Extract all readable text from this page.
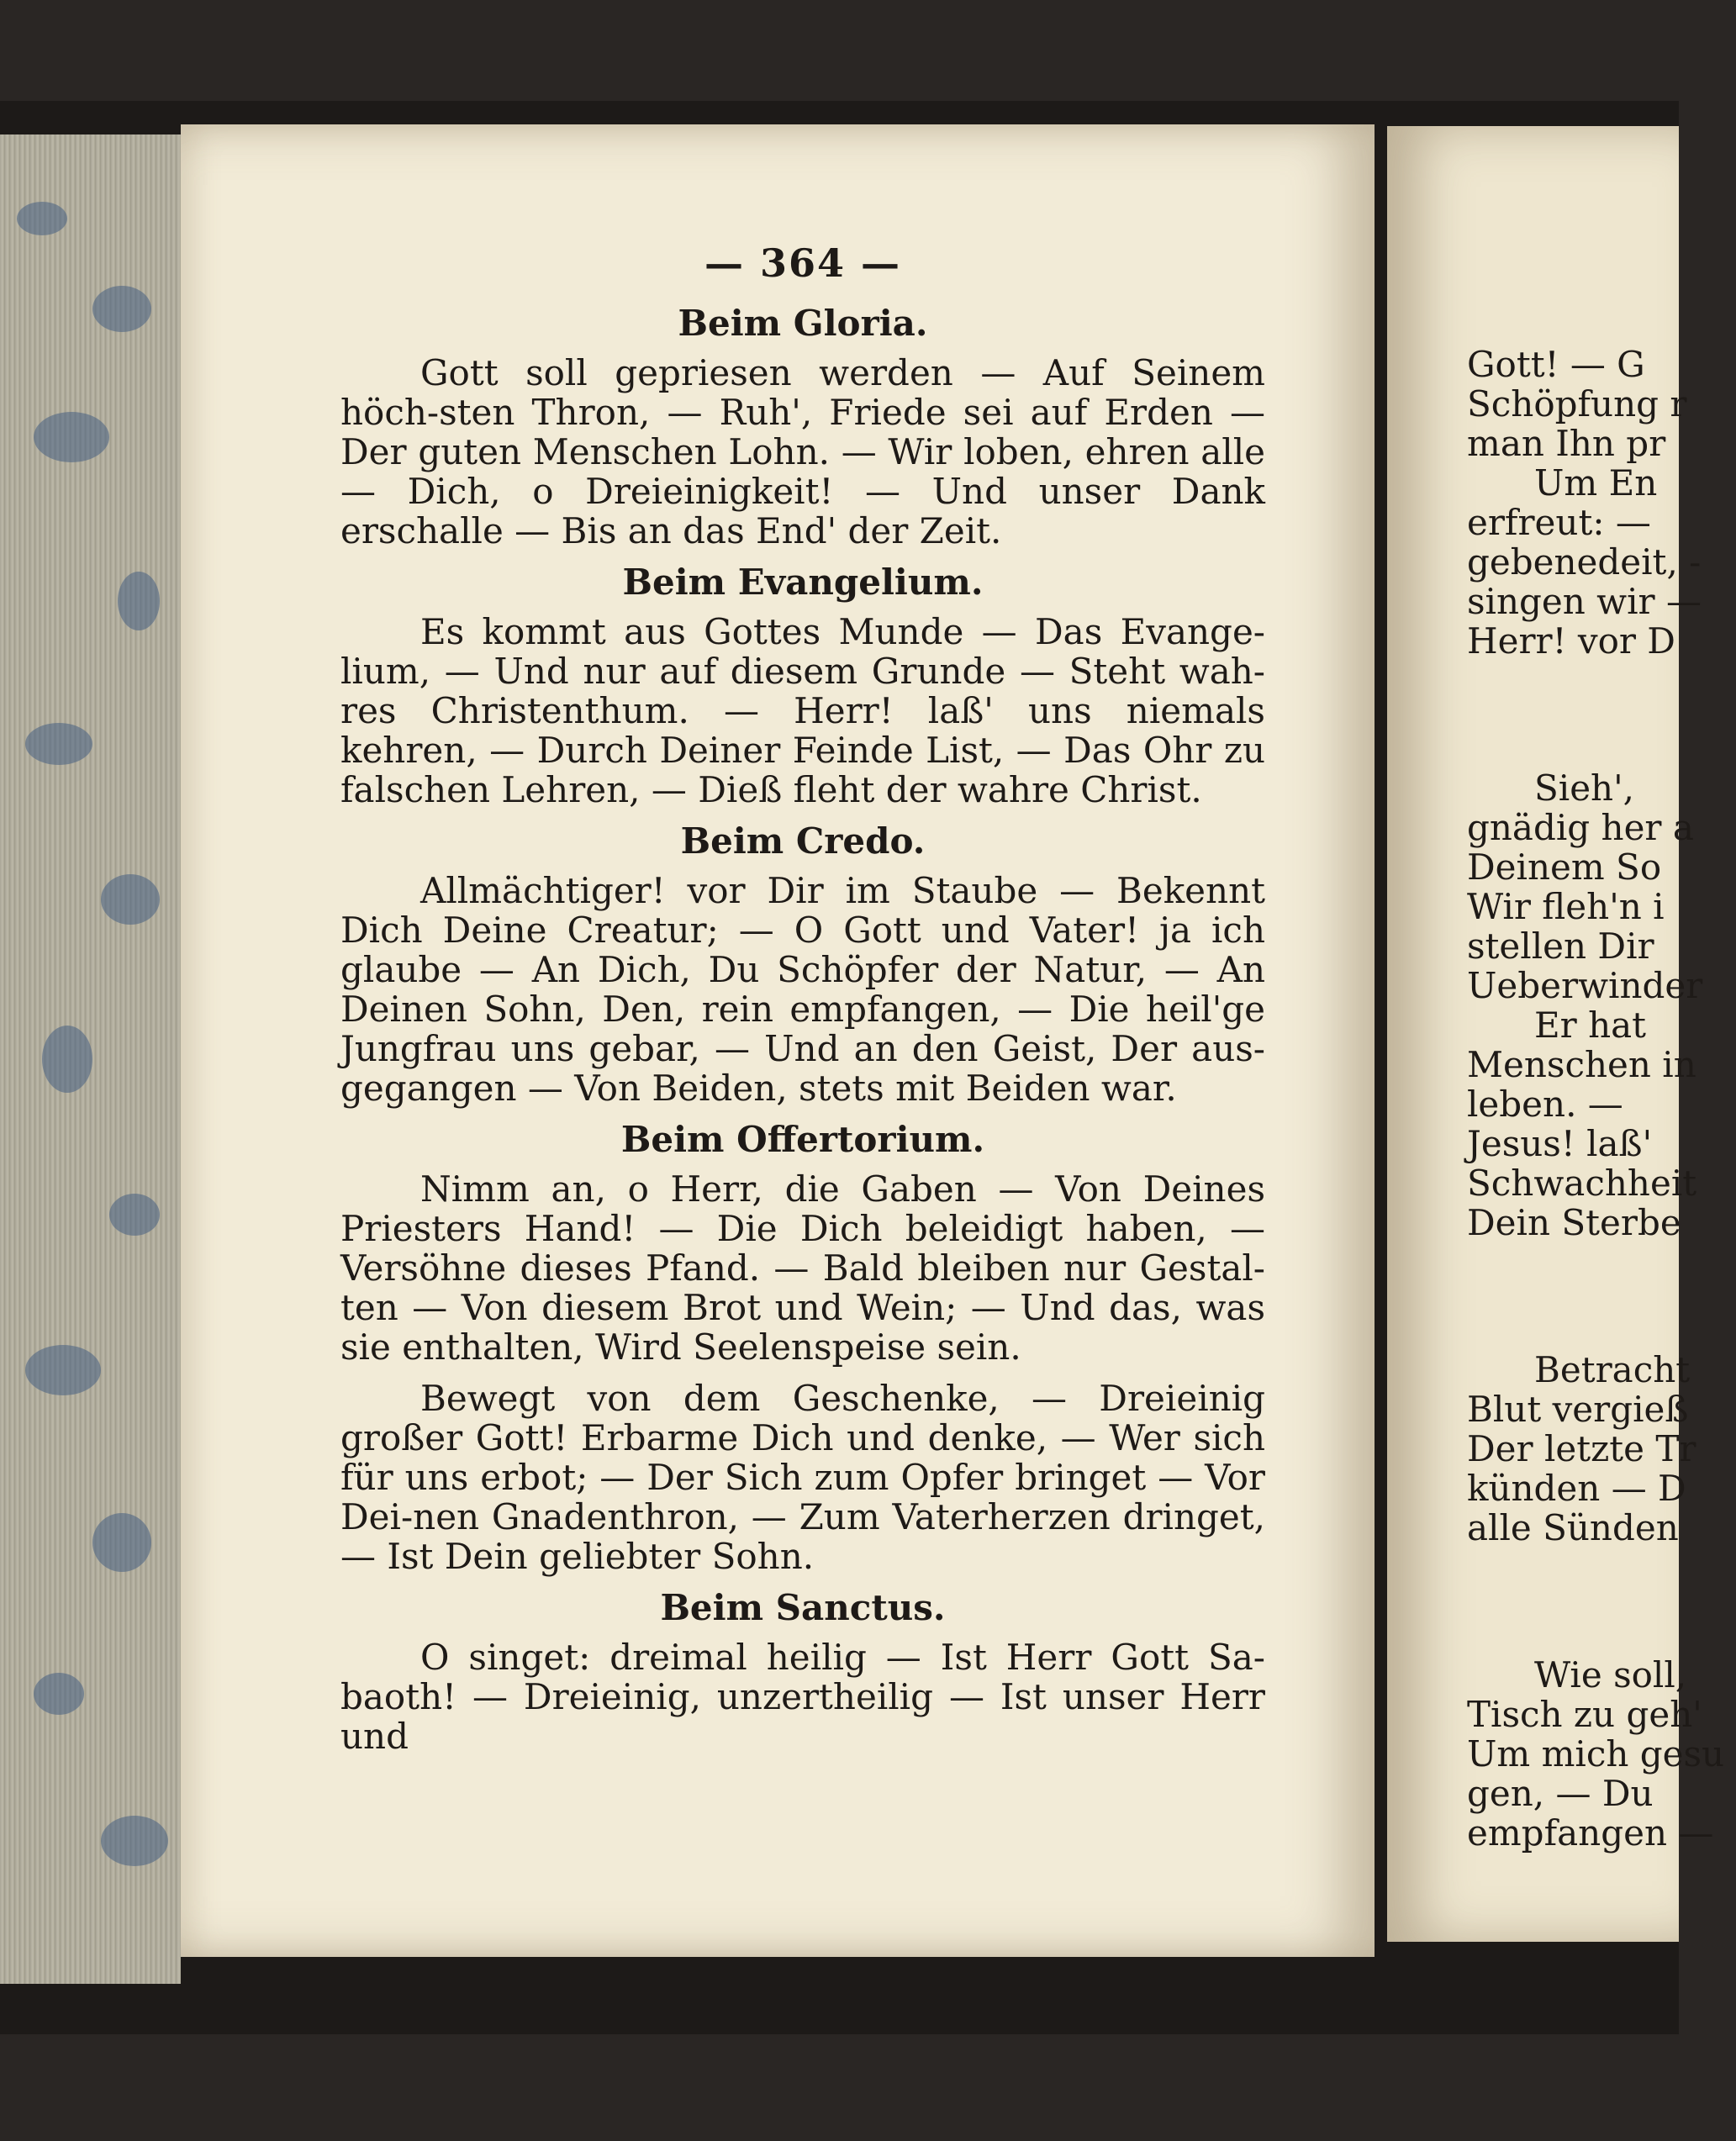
— 364 —
Beim Gloria.

Gott soll gepriesen werden — Auf Seinem höch-sten Thron, — Ruh', Friede sei auf Erden — Der guten Menschen Lohn. — Wir loben, ehren alle — Dich, o Dreieinigkeit! — Und unser Dank erschalle — Bis an das End' der Zeit.

Beim Evangelium.

Es kommt aus Gottes Munde — Das Evange-lium, — Und nur auf diesem Grunde — Steht wah-res Christenthum. — Herr! laß' uns niemals kehren, — Durch Deiner Feinde List, — Das Ohr zu falschen Lehren, — Dieß fleht der wahre Christ.

Beim Credo.

Allmächtiger! vor Dir im Staube — Bekennt Dich Deine Creatur; — O Gott und Vater! ja ich glaube — An Dich, Du Schöpfer der Natur, — An Deinen Sohn, Den, rein empfangen, — Die heil'ge Jungfrau uns gebar, — Und an den Geist, Der aus-gegangen — Von Beiden, stets mit Beiden war.

Beim Offertorium.

Nimm an, o Herr, die Gaben — Von Deines Priesters Hand! — Die Dich beleidigt haben, — Versöhne dieses Pfand. — Bald bleiben nur Gestal-ten — Von diesem Brot und Wein; — Und das, was sie enthalten, Wird Seelenspeise sein.

Bewegt von dem Geschenke, — Dreieinig großer Gott! Erbarme Dich und denke, — Wer sich für uns erbot; — Der Sich zum Opfer bringet — Vor Dei-nen Gnadenthron, — Zum Vaterherzen dringet, — Ist Dein geliebter Sohn.

Beim Sanctus.

O singet: dreimal heilig — Ist Herr Gott Sa-baoth! — Dreieinig, unzertheilig — Ist unser Herr und

Gott! — G
Schöpfung r
man Ihn pr
Um En
erfreut: —
gebenedeit, -
singen wir —
Herr! vor D
Sieh',
gnädig her a
Deinem So
Wir fleh'n i
stellen Dir
Ueberwinder
Er hat
Menschen in
leben. —
Jesus! laß'
Schwachheit
Dein Sterbe
Betracht
Blut vergieß
Der letzte Tr
künden — D
alle Sünden
Wie soll,
Tisch zu geh'
Um mich gesu
gen, — Du
empfangen —
